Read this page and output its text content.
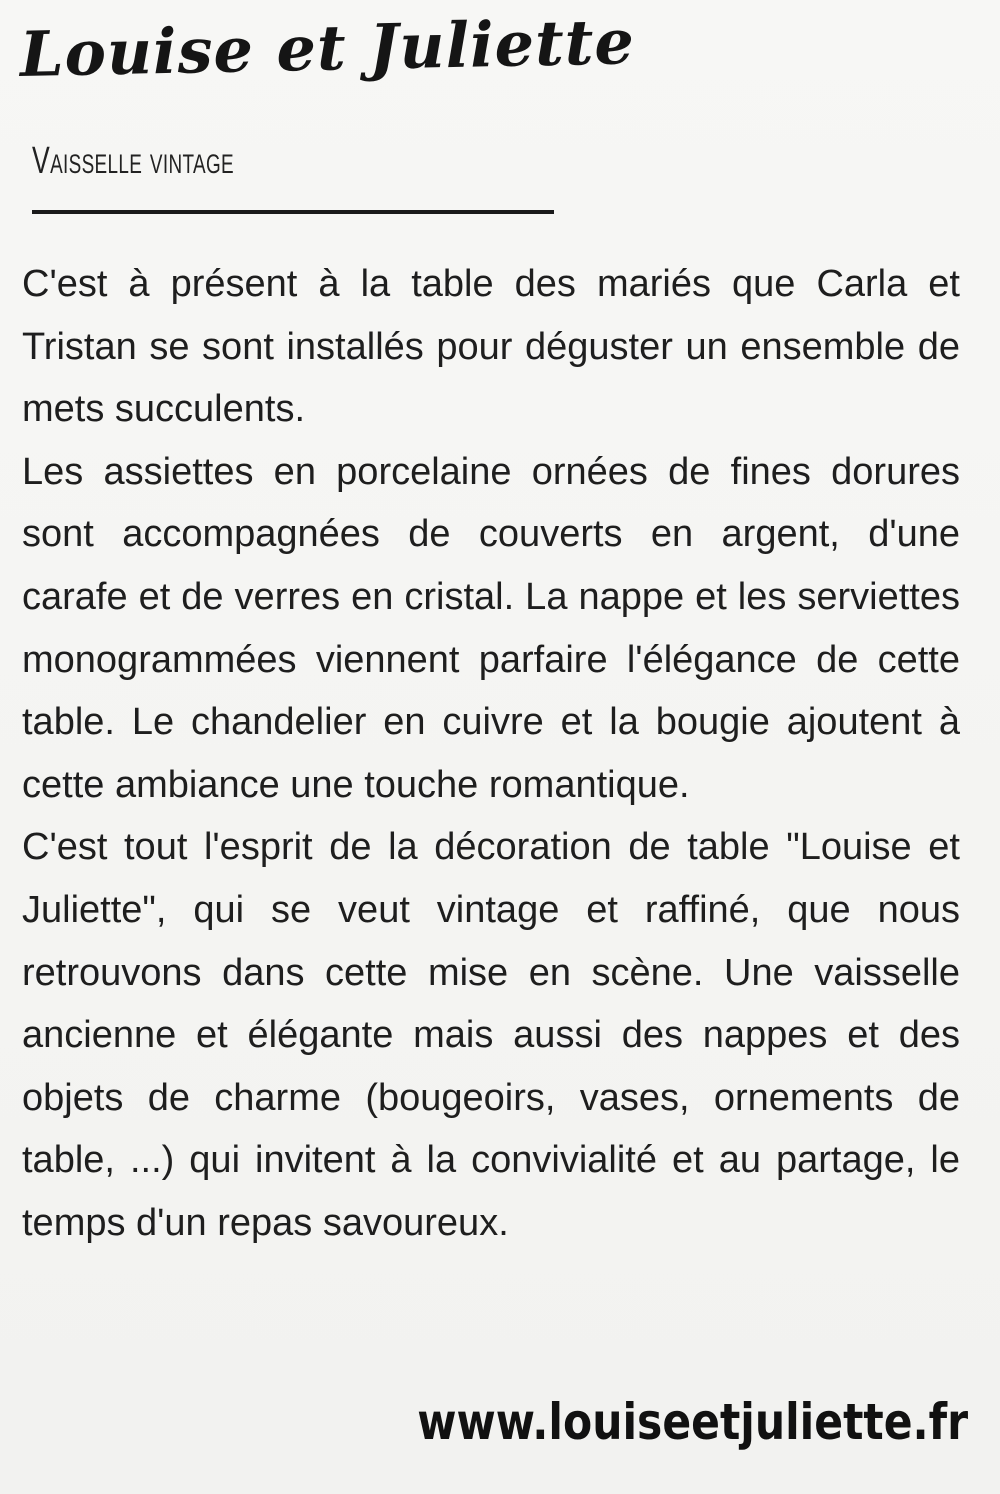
Louise et Juliette
Vaisselle vintage

C'est à présent à la table des mariés que Carla et Tristan se sont installés pour déguster un ensemble de mets succulents.

Les assiettes en porcelaine ornées de fines dorures sont accompagnées de couverts en argent, d'une carafe et de verres en cristal. La nappe et les serviettes monogrammées viennent parfaire l'élégance de cette table. Le chandelier en cuivre et la bougie ajoutent à cette ambiance une touche romantique.

C'est tout l'esprit de la décoration de table "Louise et Juliette", qui se veut vintage et raffiné, que nous retrouvons dans cette mise en scène. Une vaisselle ancienne et élégante mais aussi des nappes et des objets de charme (bougeoirs, vases, ornements de table, ...) qui invitent à la convivialité et au partage, le temps d'un repas savoureux.

www.louiseetjuliette.fr
